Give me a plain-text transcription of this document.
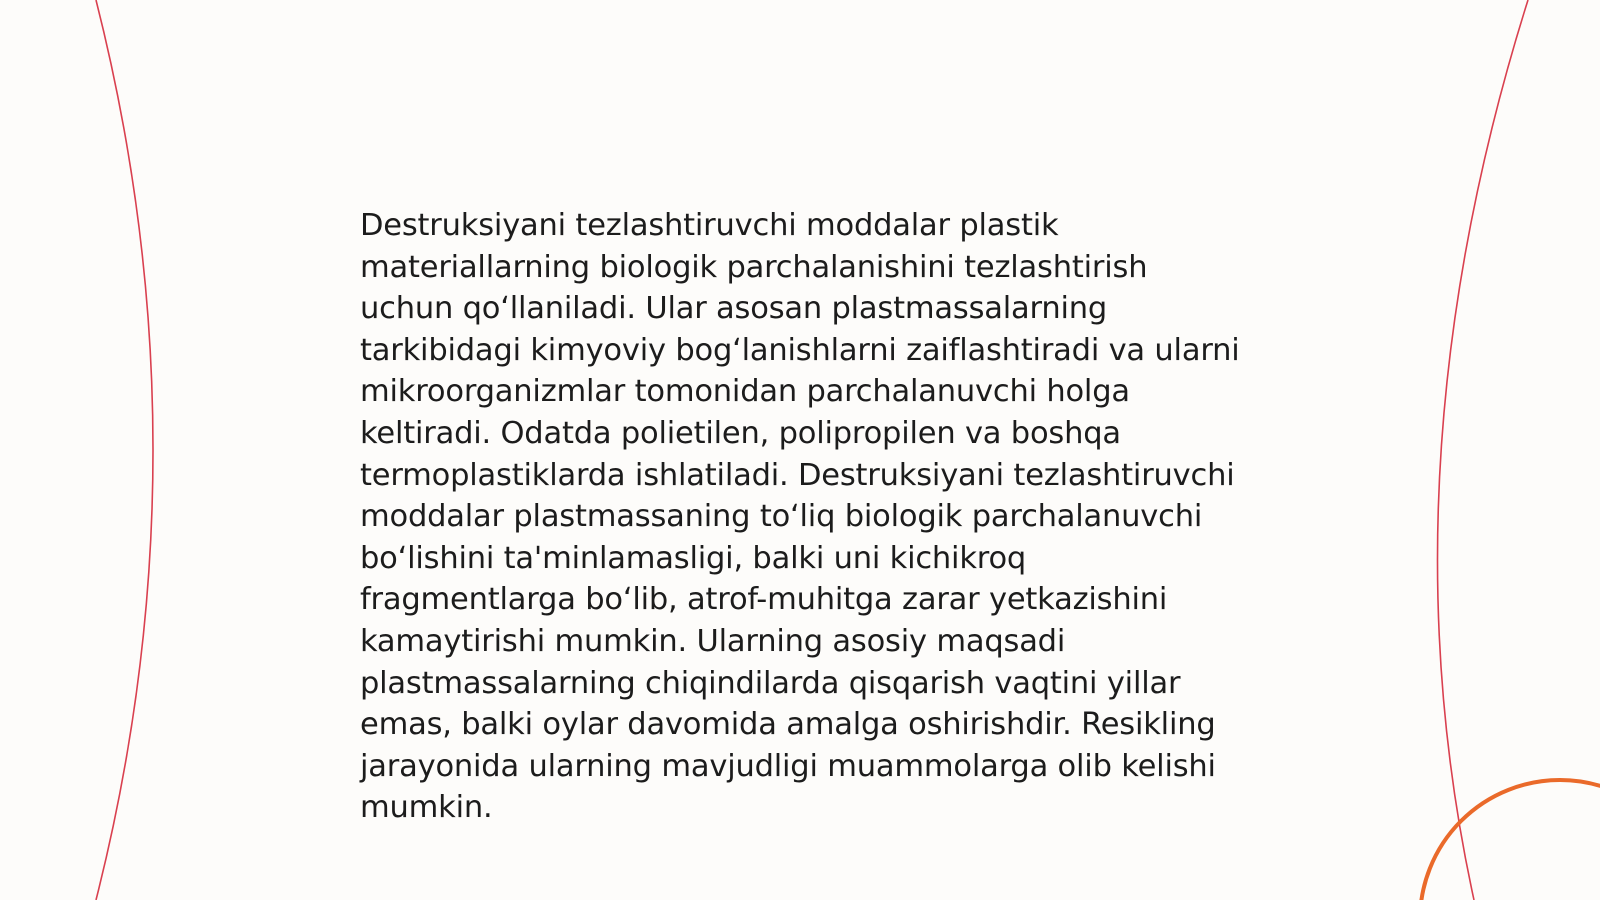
Destruksiyani tezlashtiruvchi moddalar plastik materiallarning biologik parchalanishini tezlashtirish uchun qo‘llaniladi. Ular asosan plastmassalarning tarkibidagi kimyoviy bog‘lanishlarni zaiflashtiradi va ularni mikroorganizmlar tomonidan parchalanuvchi holga keltiradi. Odatda polietilen, polipropilen va boshqa termoplastiklarda ishlatiladi. Destruksiyani tezlashtiruvchi moddalar plastmassaning to‘liq biologik parchalanuvchi bo‘lishini ta'minlamasligi, balki uni kichikroq fragmentlarga bo‘lib, atrof-muhitga zarar yetkazishini kamaytirishi mumkin. Ularning asosiy maqsadi plastmassalarning chiqindilarda qisqarish vaqtini yillar emas, balki oylar davomida amalga oshirishdir. Resikling jarayonida ularning mavjudligi muammolarga olib kelishi mumkin.
